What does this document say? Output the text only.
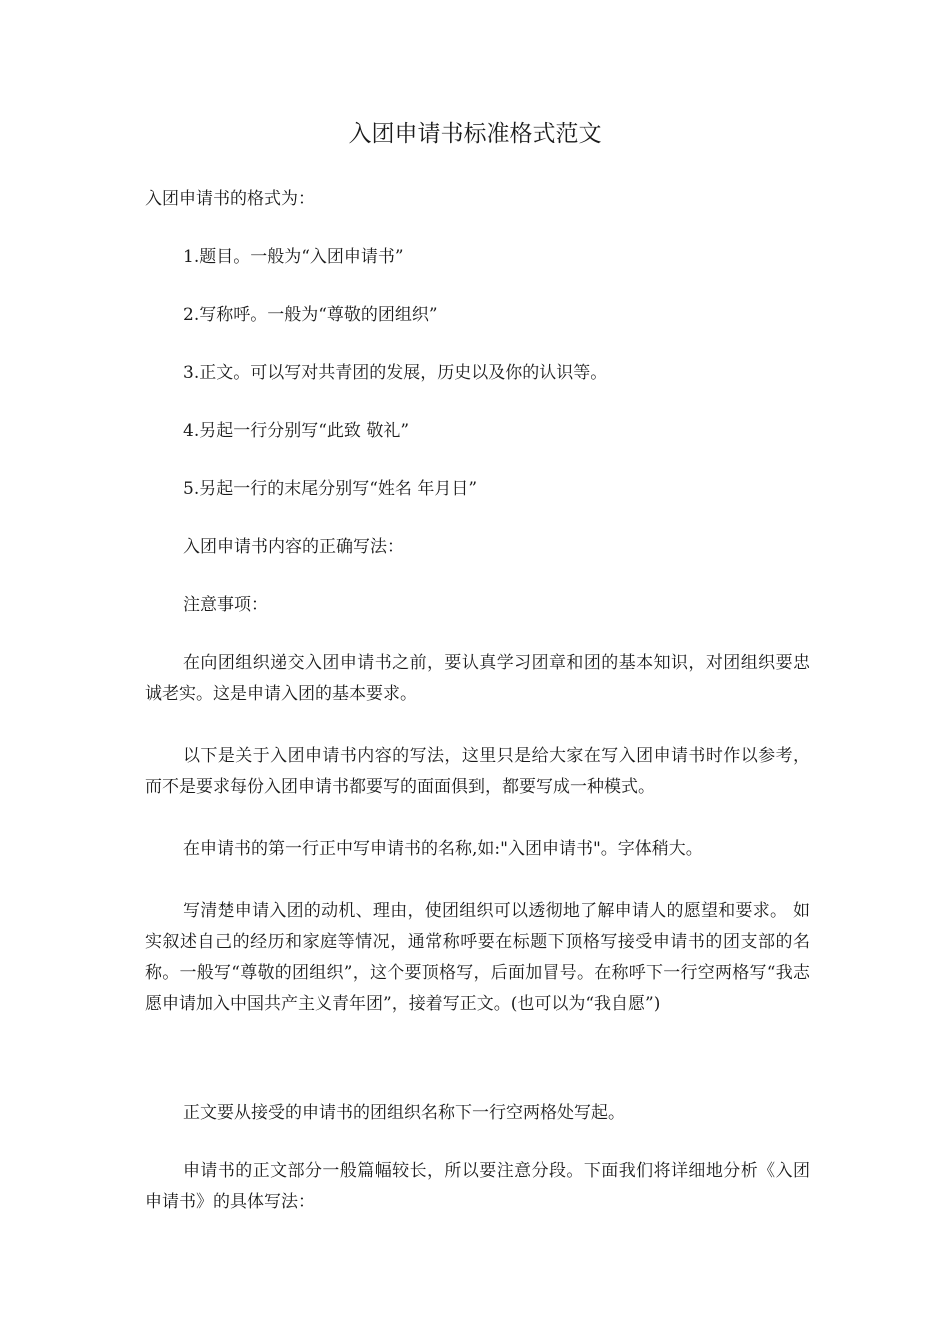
入团申请书标准格式范文

入团申请书的格式为：

1.题目。一般为“入团申请书”

2.写称呼。一般为“尊敬的团组织”

3.正文。可以写对共青团的发展，历史以及你的认识等。

4.另起一行分别写“此致 敬礼”

5.另起一行的末尾分别写“姓名 年月日”

入团申请书内容的正确写法：

注意事项：

在向团组织递交入团申请书之前，要认真学习团章和团的基本知识，对团组织要忠诚老实。这是申请入团的基本要求。

以下是关于入团申请书内容的写法，这里只是给大家在写入团申请书时作以参考，而不是要求每份入团申请书都要写的面面俱到，都要写成一种模式。

在申请书的第一行正中写申请书的名称,如:"入团申请书"。字体稍大。

写清楚申请入团的动机、理由，使团组织可以透彻地了解申请人的愿望和要求。 如实叙述自己的经历和家庭等情况，通常称呼要在标题下顶格写接受申请书的团支部的名称。一般写“尊敬的团组织”，这个要顶格写，后面加冒号。在称呼下一行空两格写“我志愿申请加入中国共产主义青年团”，接着写正文。(也可以为“我自愿”)

正文要从接受的申请书的团组织名称下一行空两格处写起。

申请书的正文部分一般篇幅较长，所以要注意分段。下面我们将详细地分析《入团申请书》的具体写法：
